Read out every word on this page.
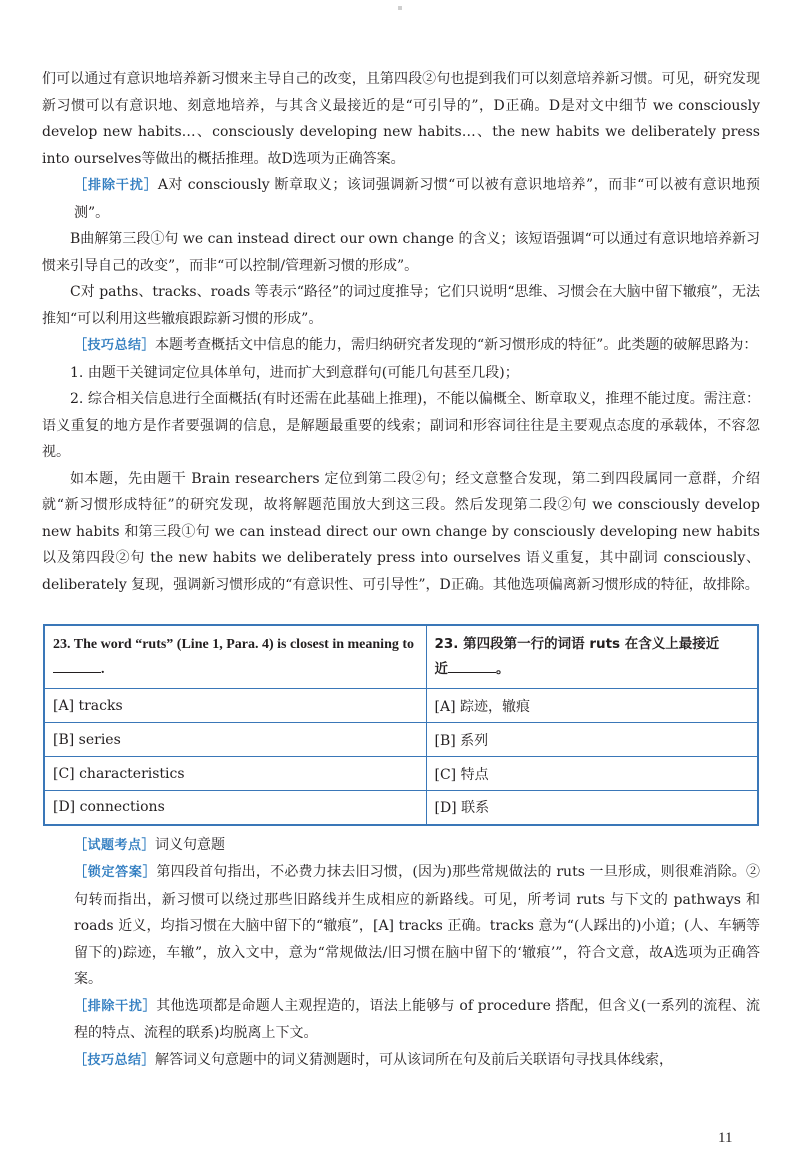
们可以通过有意识地培养新习惯来主导自己的改变，且第四段②句也提到我们可以刻意培养新习惯。可见，研究发现新习惯可以有意识地、刻意地培养，与其含义最接近的是“可引导的”，D正确。D是对文中细节 we consciously develop new habits…、consciously developing new habits…、the new habits we deliberately press into ourselves等做出的概括推理。故D选项为正确答案。

［排除干扰］A对 consciously 断章取义；该词强调新习惯“可以被有意识地培养”，而非“可以被有意识地预测”。

B曲解第三段①句 we can instead direct our own change 的含义；该短语强调“可以通过有意识地培养新习惯来引导自己的改变”，而非“可以控制/管理新习惯的形成”。

C对 paths、tracks、roads 等表示“路径”的词过度推导；它们只说明“思维、习惯会在大脑中留下辙痕”，无法推知“可以利用这些辙痕跟踪新习惯的形成”。

［技巧总结］本题考查概括文中信息的能力，需归纳研究者发现的“新习惯形成的特征”。此类题的破解思路为：

1. 由题干关键词定位具体单句，进而扩大到意群句(可能几句甚至几段)；

2. 综合相关信息进行全面概括(有时还需在此基础上推理)，不能以偏概全、断章取义，推理不能过度。需注意：语义重复的地方是作者要强调的信息，是解题最重要的线索；副词和形容词往往是主要观点态度的承载体，不容忽视。

如本题，先由题干 Brain researchers 定位到第二段②句；经文意整合发现，第二到四段属同一意群，介绍就“新习惯形成特征”的研究发现，故将解题范围放大到这三段。然后发现第二段②句 we consciously develop new habits 和第三段①句 we can instead direct our own change by consciously developing new habits 以及第四段②句 the new habits we deliberately press into ourselves 语义重复，其中副词 consciously、deliberately 复现，强调新习惯形成的“有意识性、可引导性”，D正确。其他选项偏离新习惯形成的特征，故排除。

23. The word “ruts” (Line 1, Para. 4) is closest in meaning to .	23. 第四段第一行的词语 ruts 在含义上最接近
近 。
[A] tracks	[A] 踪迹，辙痕
[B] series	[B] 系列
[C] characteristics	[C] 特点
[D] connections	[D] 联系

［试题考点］词义句意题

［锁定答案］第四段首句指出，不必费力抹去旧习惯，(因为)那些常规做法的 ruts 一旦形成，则很难消除。②句转而指出，新习惯可以绕过那些旧路线并生成相应的新路线。可见，所考词 ruts 与下文的 pathways 和 roads 近义，均指习惯在大脑中留下的“辙痕”，[A] tracks 正确。tracks 意为“(人踩出的)小道；(人、车辆等留下的)踪迹，车辙”，放入文中，意为“常规做法/旧习惯在脑中留下的‘辙痕’”，符合文意，故A选项为正确答案。

［排除干扰］其他选项都是命题人主观捏造的，语法上能够与 of procedure 搭配，但含义(一系列的流程、流程的特点、流程的联系)均脱离上下文。

［技巧总结］解答词义句意题中的词义猜测题时，可从该词所在句及前后关联语句寻找具体线索，

11
